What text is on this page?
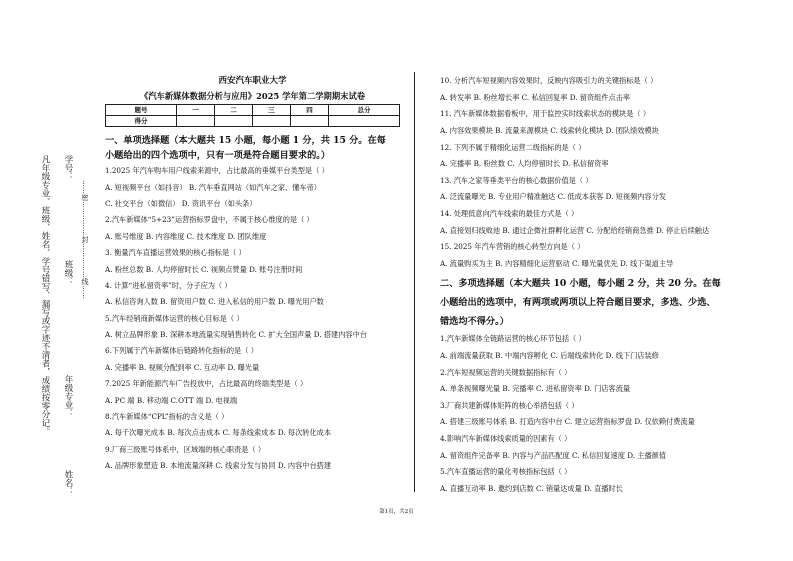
学号：
班级：
年级专业：
姓名：
凡年级专业、班级、姓名、学号错写、漏写或字迹不清者，成绩按零分记。	……密……………封……………线……
西安汽车职业大学
《汽车新媒体数据分析与应用》2025 学年第二学期期末试卷
题号	一	二	三	四	总分
得分					
一、单项选择题（本大题共 15 小题，每小题 1 分，共 15 分。在每
小题给出的四个选项中，只有一项是符合题目要求的。）
1.2025 年汽车购车用户线索来源中，占比最高的垂媒平台类型是（ ）
A. 短视频平台（如抖音） B. 汽车垂直网站（如汽车之家、懂车帝）
C. 社交平台（如微信） D. 资讯平台（如头条）
2.汽车新媒体“5+23”运营指标罗盘中，不属于核心维度的是（ ）
A. 账号维度 B. 内容维度 C. 技术维度 D. 团队维度
3. 衡量汽车直播运营效果的核心指标是（ ）
A. 粉丝总数 B. 人均停留时长 C. 视频点赞量 D. 账号注册时间
4. 计算“进私留资率”时，分子应为（ ）
A. 私信咨询人数 B. 留资用户数 C. 进入私信的用户数 D. 曝光用户数
5.汽车经销商新媒体运营的核心目标是（ ）
A. 树立品牌形象 B. 深耕本地流量实现销售转化 C. 扩大全国声量 D. 搭建内容中台
6.下列属于汽车新媒体后链路转化指标的是（ ）
A. 完播率 B. 视频分配到率 C. 互动率 D. 曝光量
7.2025 年新能源汽车广告投放中，占比最高的终端类型是（ ）
A. PC 端 B. 移动端 C.OTT 端 D. 电视端
8.汽车新媒体“CPL”指标的含义是（ ）
A. 每千次曝光成本 B. 每次点击成本 C. 每条线索成本 D. 每次转化成本
9.厂商三级账号体系中，区域端的核心职责是（ ）
A. 品牌形象塑造 B. 本地流量深耕 C. 线索分发与协同 D. 内容中台搭建
10. 分析汽车短视频内容效果时，反映内容吸引力的关键指标是（ ）
A. 转发率 B. 粉丝增长率 C. 私信回复率 D. 留资组件点击率
11. 汽车新媒体数据看板中，用于监控实时线索状态的模块是（ ）
A. 内容效果模块 B. 流量来源模块 C. 线索转化模块 D. 团队绩效模块
12. 下列不属于精细化运营二级指标的是（ ）
A. 完播率 B. 粉丝数 C. 人均停留时长 D. 私信留资率
13. 汽车之家等垂类平台的核心数据价值是（ ）
A. 泛流量曝光 B. 专业用户精准触达 C. 低成本获客 D. 短视频内容分发
14. 处理低意向汽车线索的最佳方式是（ ）
A. 直接划归线败池 B. 通过企微社群孵化运营 C. 分配给经销商急推 D. 停止后续触达
15. 2025 年汽车营销的核心转型方向是（ ）
A. 流量购买为主 B. 内容精细化运营驱动 C. 曝光量优先 D. 线下渠道主导
二、多项选择题（本大题共 10 小题，每小题 2 分，共 20 分。在每
小题给出的选项中，有两项或两项以上符合题目要求，多选、少选、
错选均不得分。）
1.汽车新媒体全链路运营的核心环节包括（ ）
A. 前端流量获取 B. 中端内容孵化 C. 后端线索转化 D. 线下门店装修
2.汽车短视频运营的关键数据指标有（ ）
A. 单条视频曝光量 B. 完播率 C. 进私留资率 D. 门店客流量
3.厂商共建新媒体矩阵的核心举措包括（ ）
A. 搭建三级账号体系 B. 打造内容中台 C. 建立运营指标罗盘 D. 仅依赖付费流量
4.影响汽车新媒体线索质量的因素有（ ）
A. 留资组件完备率 B. 内容与产品匹配度 C. 私信回复速度 D. 主播颜值
5.汽车直播运营的量化考核指标包括（ ）
A. 直播互动率 B. 邀约到店数 C. 销量达成量 D. 直播时长
第1页，共2页
